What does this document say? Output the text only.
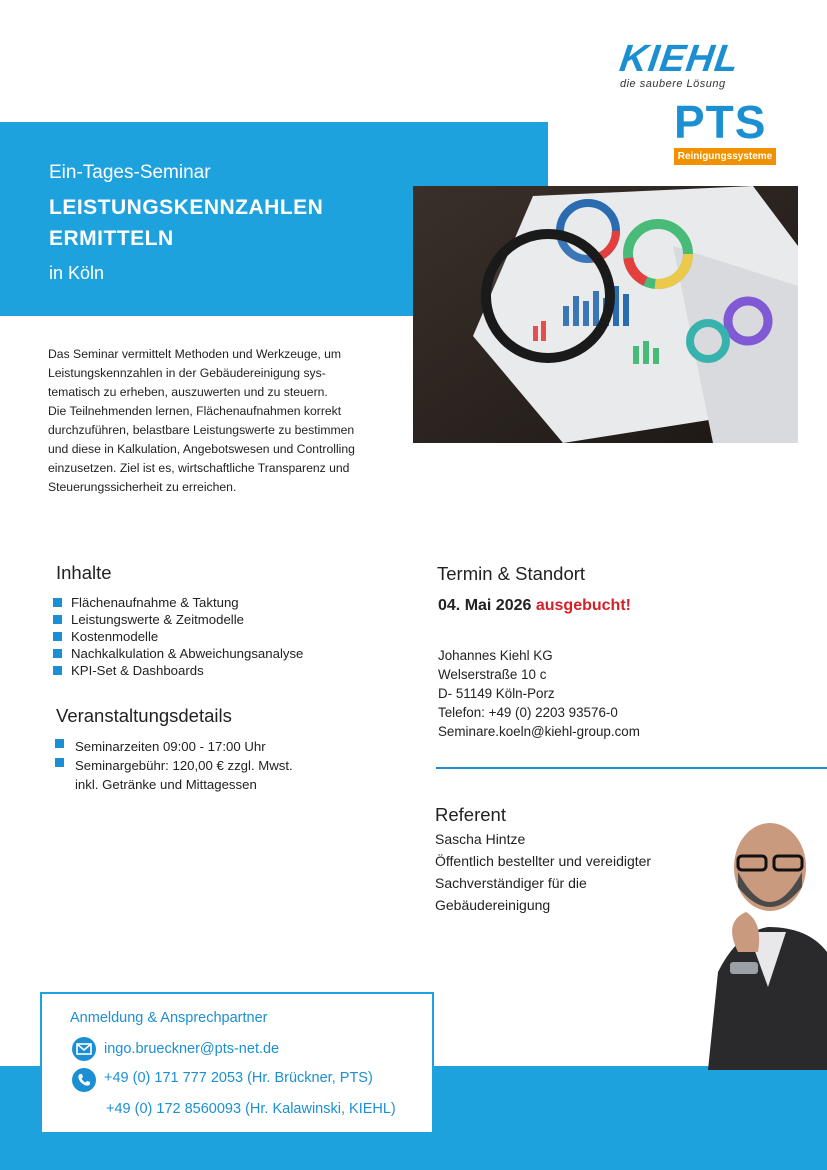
KIEHL
die saubere Lösung
PTS
Reinigungssysteme
Ein-Tages-Seminar
LEISTUNGSKENNZAHLEN
ERMITTELN
in Köln
Das Seminar vermittelt Methoden und Werkzeuge, um
Leistungskennzahlen in der Gebäudereinigung sys-
tematisch zu erheben, auszuwerten und zu steuern.
Die Teilnehmenden lernen, Flächenaufnahmen korrekt
durchzuführen, belastbare Leistungswerte zu bestimmen
und diese in Kalkulation, Angebotswesen und Controlling
einzusetzen. Ziel ist es, wirtschaftliche Transparenz und
Steuerungssicherheit zu erreichen.
Inhalte
Flächenaufnahme & Taktung
Leistungswerte & Zeitmodelle
Kostenmodelle
Nachkalkulation & Abweichungsanalyse
KPI-Set & Dashboards
Veranstaltungsdetails
Seminarzeiten 09:00 - 17:00 Uhr
Seminargebühr: 120,00 € zzgl. Mwst.
inkl. Getränke und Mittagessen
Termin & Standort
04. Mai 2026 ausgebucht!
Johannes Kiehl KG
Welserstraße 10 c
D- 51149 Köln-Porz
Telefon: +49 (0) 2203 93576-0
Seminare.koeln@kiehl-group.com
Referent
Sascha Hintze
Öffentlich bestellter und vereidigter
Sachverständiger für die
Gebäudereinigung
Anmeldung & Ansprechpartner
ingo.brueckner@pts-net.de
+49 (0) 171 777 2053 (Hr. Brückner, PTS)
+49 (0) 172 8560093 (Hr. Kalawinski, KIEHL)
